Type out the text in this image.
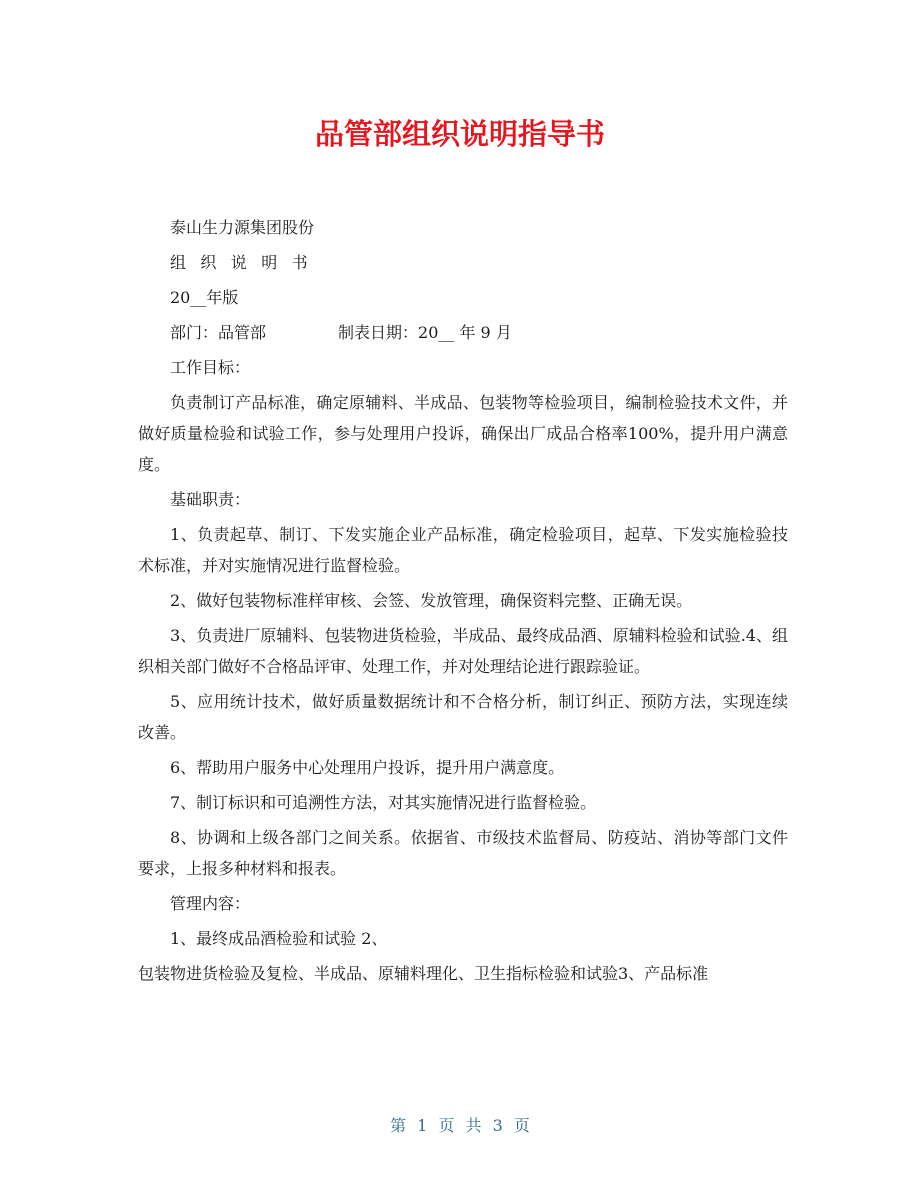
品管部组织说明指导书

泰山生力源集团股份

组织说明书

20__年版

部门：品管部	制表日期：20__ 年 9 月

工作目标：

负责制订产品标准，确定原辅料、半成品、包装物等检验项目，编制检验技术文件，并做好质量检验和试验工作，参与处理用户投诉，确保出厂成品合格率100%，提升用户满意度。

基础职责：

1、负责起草、制订、下发实施企业产品标准，确定检验项目，起草、下发实施检验技术标准，并对实施情况进行监督检验。

2、做好包装物标准样审核、会签、发放管理，确保资料完整、正确无误。

3、负责进厂原辅料、包装物进货检验，半成品、最终成品酒、原辅料检验和试验.4、组织相关部门做好不合格品评审、处理工作，并对处理结论进行跟踪验证。

5、应用统计技术，做好质量数据统计和不合格分析，制订纠正、预防方法，实现连续改善。

6、帮助用户服务中心处理用户投诉，提升用户满意度。

7、制订标识和可追溯性方法，对其实施情况进行监督检验。

8、协调和上级各部门之间关系。依据省、市级技术监督局、防疫站、消协等部门文件要求，上报多种材料和报表。

管理内容：

1、最终成品酒检验和试验 2、

包装物进货检验及复检、半成品、原辅料理化、卫生指标检验和试验3、产品标准

第 1 页 共 3 页
